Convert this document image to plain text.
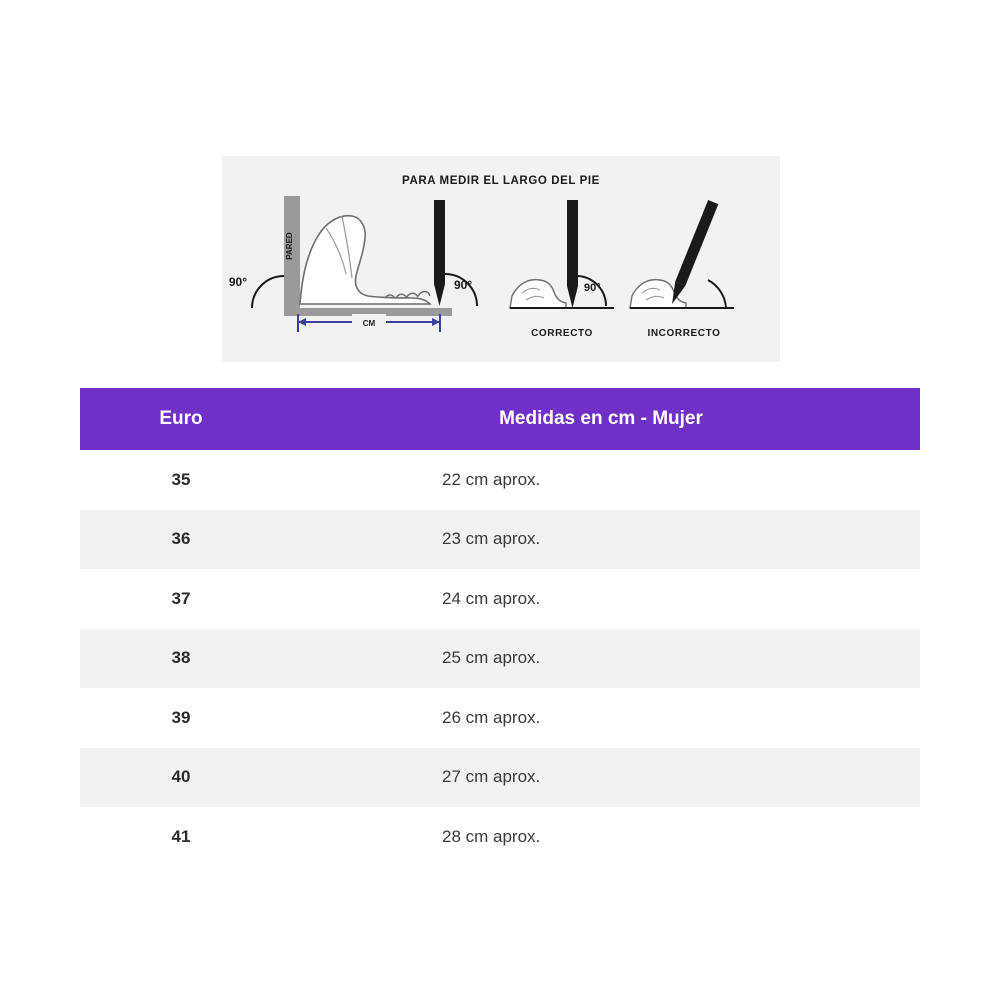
PARA MEDIR EL LARGO DEL PIE
PARED
90°	90°
CM
90°
CORRECTO	INCORRECTO
Euro	Medidas en cm - Mujer
35	22 cm aprox.
36	23 cm aprox.
37	24 cm aprox.
38	25 cm aprox.
39	26 cm aprox.
40	27 cm aprox.
41	28 cm aprox.
